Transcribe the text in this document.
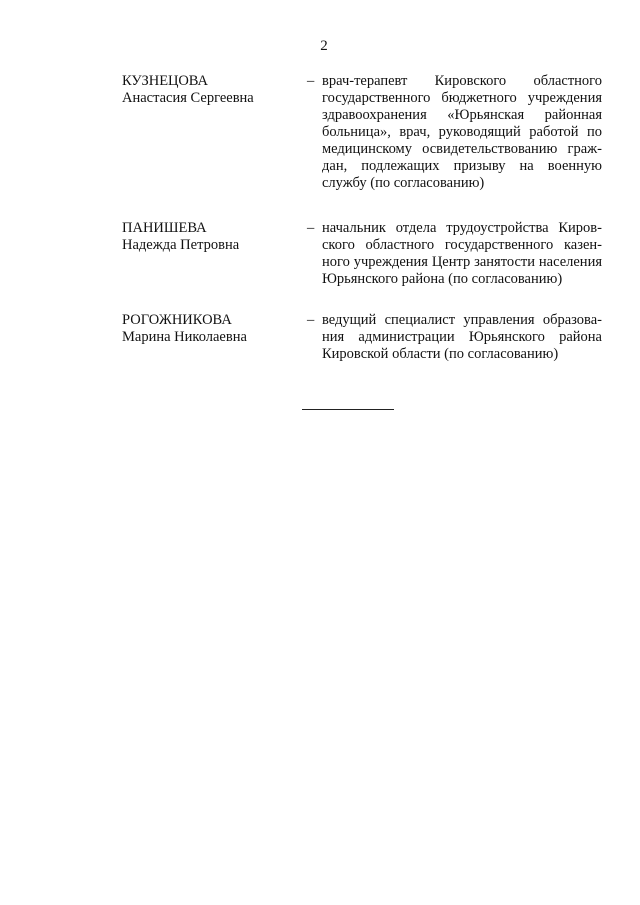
2
КУЗНЕЦОВА
Анастасия Сергеевна
– врач-терапевт Кировского областного государственного бюджетного учреждения здравоохранения «Юрьянская районная больница», врач, руководящий работой по медицинскому освидетельствованию граждан, подлежащих призыву на военную службу (по согласованию)
ПАНИШЕВА
Надежда Петровна
– начальник отдела трудоустройства Кировского областного государственного казенного учреждения Центр занятости населения Юрьянского района (по согласованию)
РОГОЖНИКОВА
Марина Николаевна
– ведущий специалист управления образования администрации Юрьянского района Кировской области (по согласованию)
